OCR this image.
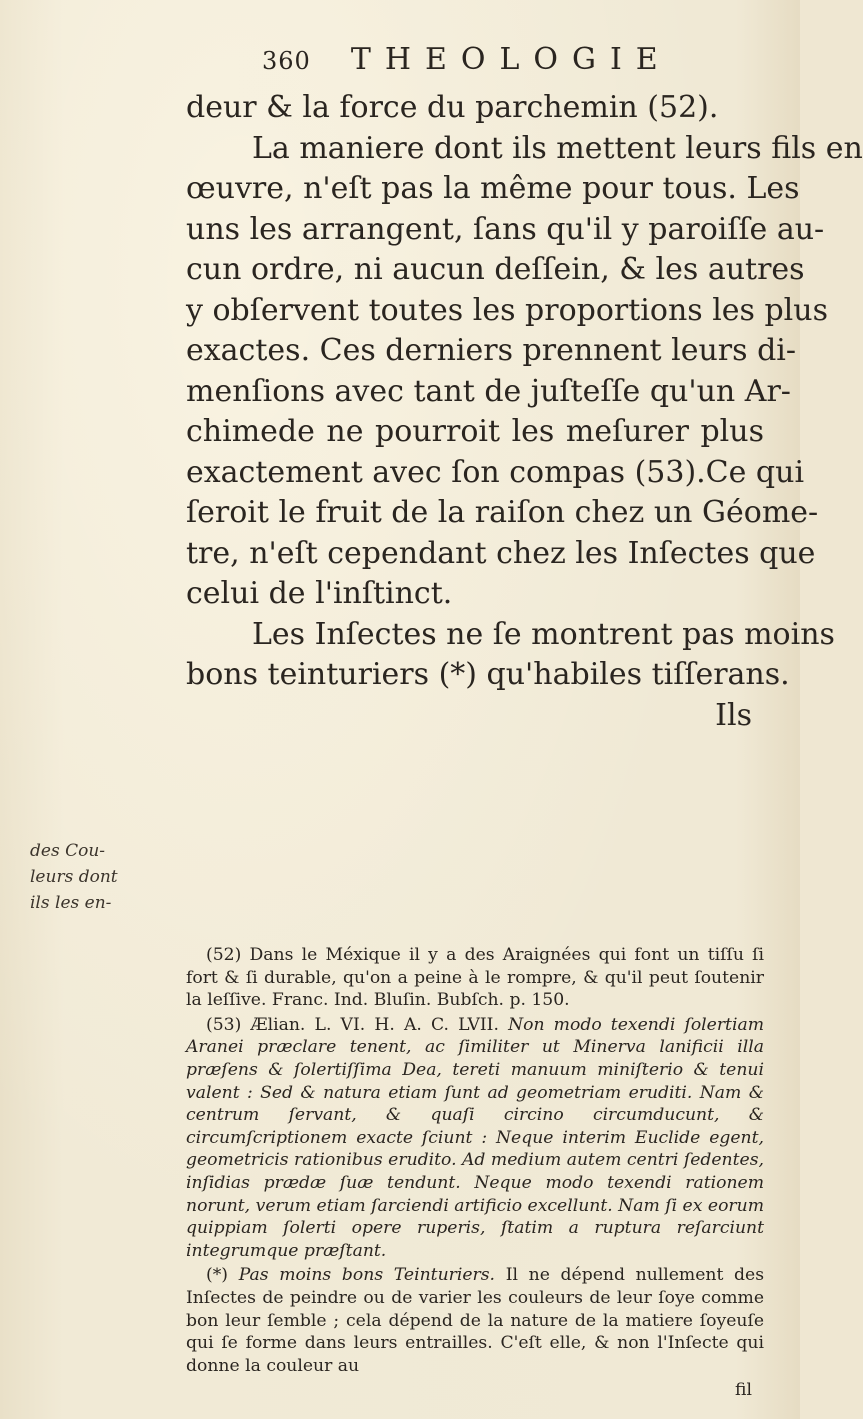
360 THEOLOGIE
des Cou-
leurs dont
ils les en-
deur & la force du parchemin (52).
La maniere dont ils mettent leurs fils en
œuvre, n'eſt pas la même pour tous. Les
uns les arrangent, ſans qu'il y paroiſſe au-
cun ordre, ni aucun deſſein, & les autres
y obſervent toutes les proportions les plus
exactes. Ces derniers prennent leurs di-
menſions avec tant de juſteſſe qu'un Ar-
chimede ne pourroit les meſurer plus
exactement avec ſon compas (53).Ce qui
ſeroit le fruit de la raiſon chez un Géome-
tre, n'eſt cependant chez les Inſectes que
celui de l'inſtinct.
Les Inſectes ne ſe montrent pas moins
bons teinturiers (*) qu'habiles tiſſerans.
Ils

(52) Dans le Méxique il y a des Araignées qui font un tiſſu ſi fort & ſi durable, qu'on a peine à le rompre, & qu'il peut ſoutenir la leſſive. Franc. Ind. Bluſin. Bubſch. p. 150.

(53) Ælian. L. VI. H. A. C. LVII. Non modo texendi ſolertiam Aranei præclare tenent, ac ſimiliter ut Minerva lanificii illa præſens & ſolertiſſima Dea, tereti manuum miniſterio & tenui valent : Sed & natura etiam ſunt ad geometriam eruditi. Nam & centrum ſervant, & quaſi circino circumducunt, & circumſcriptionem exacte ſciunt : Neque interim Euclide egent, geometricis rationibus erudito. Ad medium autem centri ſedentes, inſidias prædæ ſuæ tendunt. Neque modo texendi rationem norunt, verum etiam ſarciendi artificio excellunt. Nam ſi ex eorum quippiam ſolerti opere ruperis, ſtatim a ruptura reſarciunt integrumque præſtant.

(*) Pas moins bons Teinturiers. Il ne dépend nullement des Inſectes de peindre ou de varier les couleurs de leur ſoye comme bon leur ſemble ; cela dépend de la nature de la matiere ſoyeuſe qui ſe forme dans leurs entrailles. C'eſt elle, & non l'Inſecte qui donne la couleur au

fil
